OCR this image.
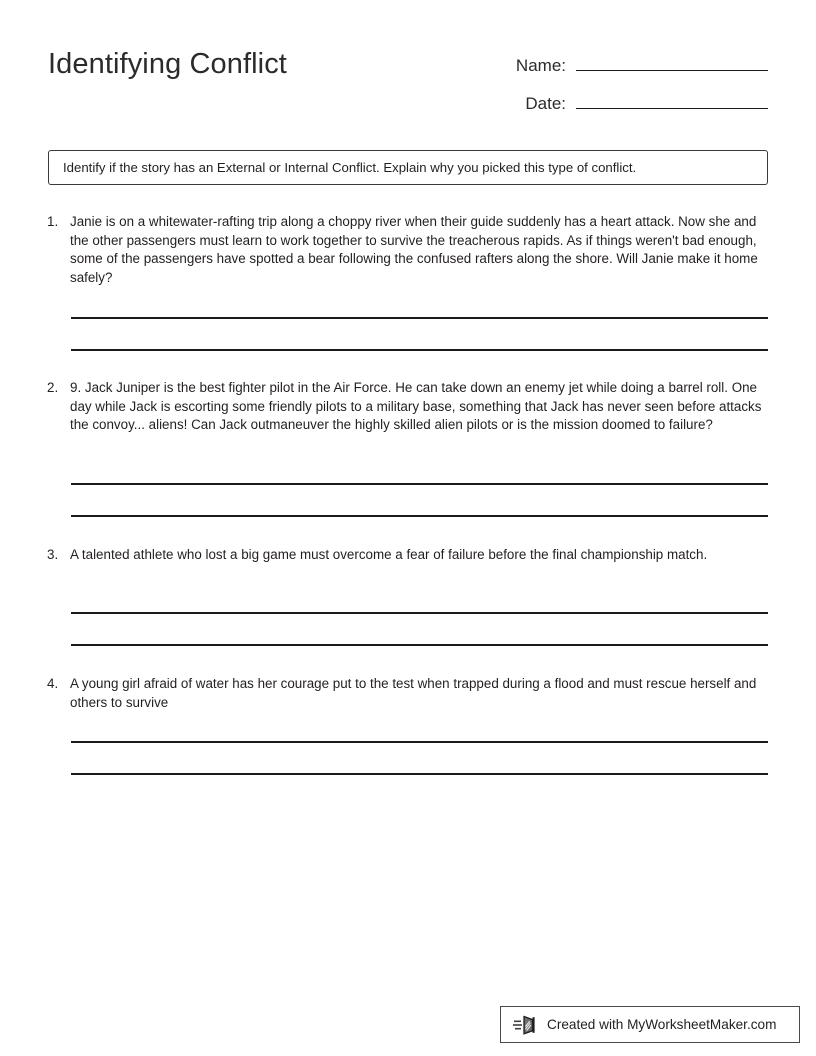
Identifying Conflict	Name:
Date:
Identify if the story has an External or Internal Conflict. Explain why you picked this type of conflict.
1. Janie is on a whitewater-rafting trip along a choppy river when their guide suddenly has a heart attack. Now she and the other passengers must learn to work together to survive the treacherous rapids. As if things weren't bad enough, some of the passengers have spotted a bear following the confused rafters along the shore. Will Janie make it home safely?
2. 9. Jack Juniper is the best fighter pilot in the Air Force. He can take down an enemy jet while doing a barrel roll. One day while Jack is escorting some friendly pilots to a military base, something that Jack has never seen before attacks the convoy... aliens! Can Jack outmaneuver the highly skilled alien pilots or is the mission doomed to failure?
3. A talented athlete who lost a big game must overcome a fear of failure before the final championship match.
4. A young girl afraid of water has her courage put to the test when trapped during a flood and must rescue herself and others to survive
Created with MyWorksheetMaker.com
